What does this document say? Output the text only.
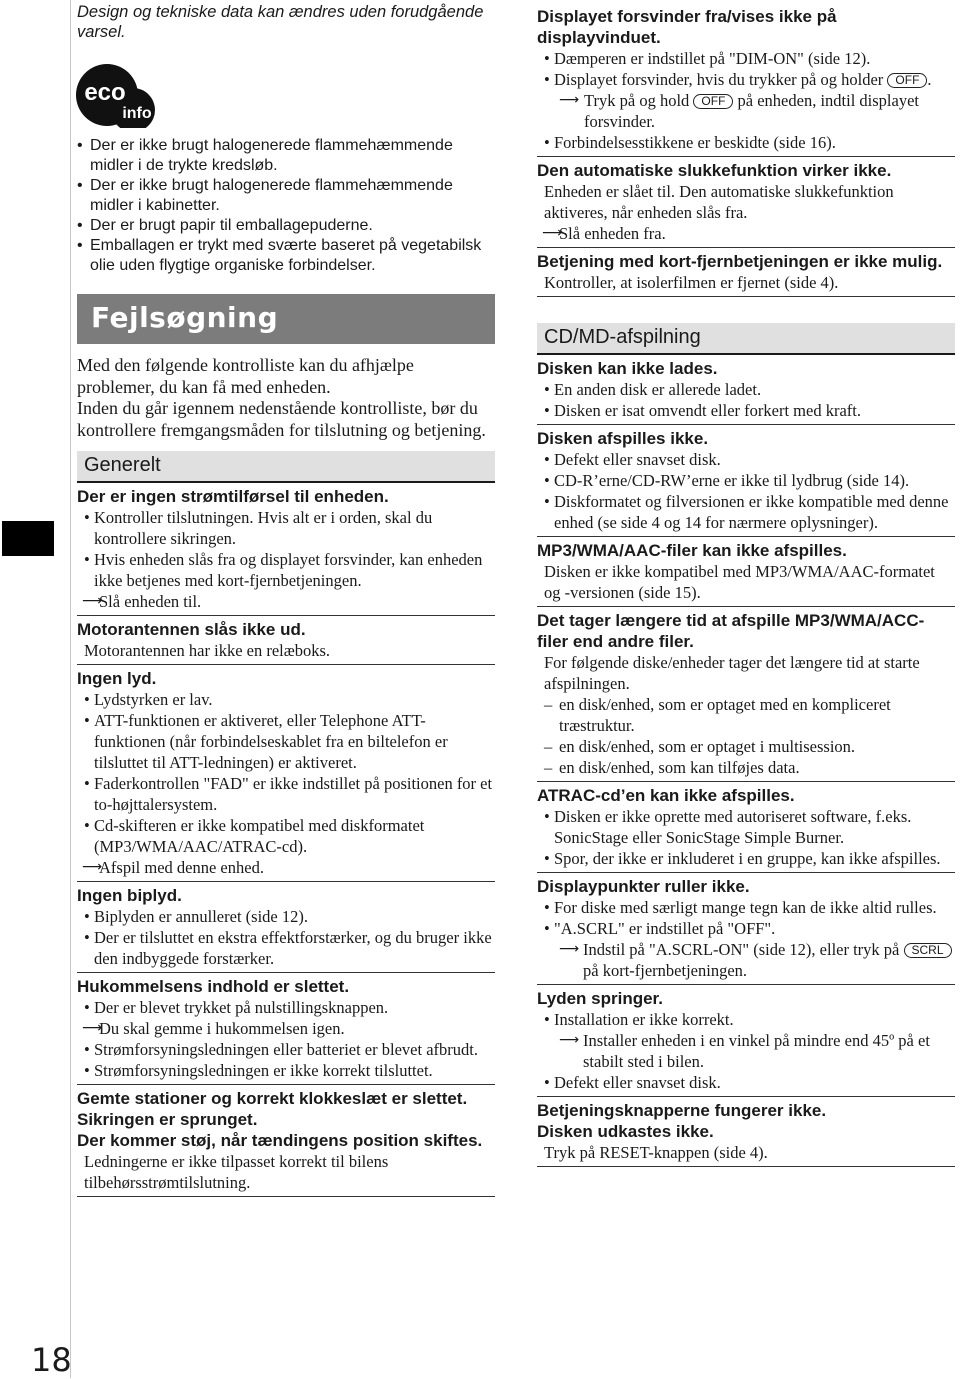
18

Design og tekniske data kan ændres uden forudgående varsel.

eco
info
• Der er ikke brugt halogenerede flammehæmmende midler i de trykte kredsløb.
• Der er ikke brugt halogenerede flammehæmmende midler i kabinetter.
• Der er brugt papir til emballagepuderne.
• Emballagen er trykt med sværte baseret på vegetabilsk olie uden flygtige organiske forbindelser.
Fejlsøgning

Med den følgende kontrolliste kan du afhjælpe problemer, du kan få med enheden.
Inden du går igennem nedenstående kontrolliste, bør du kontrollere fremgangsmåden for tilslutning og betjening.

Generelt
Der er ingen strømtilførsel til enheden.
• Kontroller tilslutningen. Hvis alt er i orden, skal du kontrollere sikringen.
• Hvis enheden slås fra og displayet forsvinder, kan enheden ikke betjenes med kort-fjernbetjeningen.
⟶
Slå enheden til.
Motorantennen slås ikke ud.

Motorantennen har ikke en relæboks.

Ingen lyd.
• Lydstyrken er lav.
• ATT-funktionen er aktiveret, eller Telephone ATT-funktionen (når forbindelseskablet fra en biltelefon er tilsluttet til ATT-ledningen) er aktiveret.
• Faderkontrollen "FAD" er ikke indstillet på positionen for et to-højttalersystem.
• Cd-skifteren er ikke kompatibel med diskformatet (MP3/WMA/AAC/ATRAC-cd).
⟶
Afspil med denne enhed.
Ingen biplyd.
• Biplyden er annulleret (side 12).
• Der er tilsluttet en ekstra effektforstærker, og du bruger ikke den indbyggede forstærker.
Hukommelsens indhold er slettet.
• Der er blevet trykket på nulstillingsknappen.
⟶
Du skal gemme i hukommelsen igen.
• Strømforsyningsledningen eller batteriet er blevet afbrudt.
• Strømforsyningsledningen er ikke korrekt tilsluttet.
Gemte stationer og korrekt klokkeslæt er slettet.
Sikringen er sprunget.
Der kommer støj, når tændingens position skiftes.

Ledningerne er ikke tilpasset korrekt til bilens tilbehørsstrømtilslutning.

Displayet forsvinder fra/vises ikke på displayvinduet.
• Dæmperen er indstillet på "DIM-ON" (side 12).
• Displayet forsvinder, hvis du trykker på og holder OFF .
⟶ Tryk på og hold OFF på enheden, indtil displayet forsvinder.
• Forbindelsesstikkene er beskidte (side 16).
Den automatiske slukkefunktion virker ikke.

Enheden er slået til. Den automatiske slukkefunktion aktiveres, når enheden slås fra.

⟶
Slå enheden fra.
Betjening med kort-fjernbetjeningen er ikke mulig.

Kontroller, at isolerfilmen er fjernet (side 4).

CD/MD-afspilning
Disken kan ikke lades.
• En anden disk er allerede ladet.
• Disken er isat omvendt eller forkert med kraft.
Disken afspilles ikke.
• Defekt eller snavset disk.
• CD-R’erne/CD-RW’erne er ikke til lydbrug (side 14).
• Diskformatet og filversionen er ikke kompatible med denne enhed (se side 4 og 14 for nærmere oplysninger).
MP3/WMA/AAC-filer kan ikke afspilles.

Disken er ikke kompatibel med MP3/WMA/AAC-formatet og -versionen (side 15).

Det tager længere tid at afspille MP3/WMA/ACC-filer end andre filer.

For følgende diske/enheder tager det længere tid at starte afspilningen.

– en disk/enhed, som er optaget med en kompliceret træstruktur.
– en disk/enhed, som er optaget i multisession.
– en disk/enhed, som kan tilføjes data.
ATRAC-cd’en kan ikke afspilles.
• Disken er ikke oprette med autoriseret software, f.eks. SonicStage eller SonicStage Simple Burner.
• Spor, der ikke er inkluderet i en gruppe, kan ikke afspilles.
Displaypunkter ruller ikke.
• For diske med særligt mange tegn kan de ikke altid rulles.
• "A.SCRL" er indstillet på "OFF".
⟶ Indstil på "A.SCRL-ON" (side 12), eller tryk på SCRL på kort-fjernbetjeningen.
Lyden springer.
• Installation er ikke korrekt.
⟶ Installer enheden i en vinkel på mindre end 45º på et stabilt sted i bilen.
• Defekt eller snavset disk.
Betjeningsknapperne fungerer ikke.
Disken udkastes ikke.

Tryk på RESET-knappen (side 4).
